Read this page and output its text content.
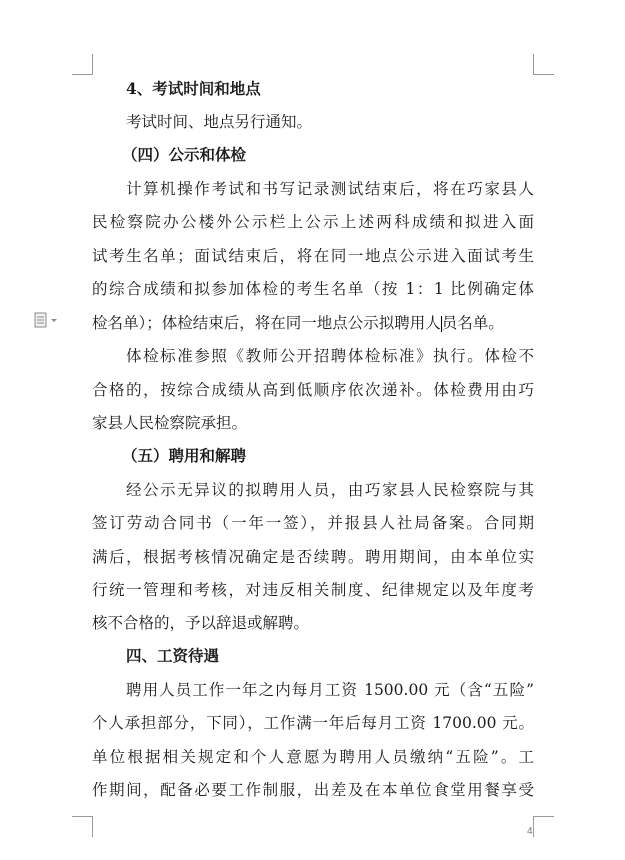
4、考试时间和地点
考试时间、地点另行通知。
（四）公示和体检
计算机操作考试和书写记录测试结束后，将在巧家县人
民检察院办公楼外公示栏上公示上述两科成绩和拟进入面
试考生名单；面试结束后，将在同一地点公示进入面试考生
的综合成绩和拟参加体检的考生名单（按 1：1 比例确定体
检名单）；体检结束后，将在同一地点公示拟聘用人员名单。
体检标准参照《教师公开招聘体检标准》执行。体检不
合格的，按综合成绩从高到低顺序依次递补。体检费用由巧
家县人民检察院承担。
（五）聘用和解聘
经公示无异议的拟聘用人员，由巧家县人民检察院与其
签订劳动合同书（一年一签），并报县人社局备案。合同期
满后，根据考核情况确定是否续聘。聘用期间，由本单位实
行统一管理和考核，对违反相关制度、纪律规定以及年度考
核不合格的，予以辞退或解聘。
四、工资待遇
聘用人员工作一年之内每月工资 1500.00 元（含“五险”
个人承担部分，下同），工作满一年后每月工资 1700.00 元。
单位根据相关规定和个人意愿为聘用人员缴纳“五险”。工
作期间，配备必要工作制服，出差及在本单位食堂用餐享受
4
